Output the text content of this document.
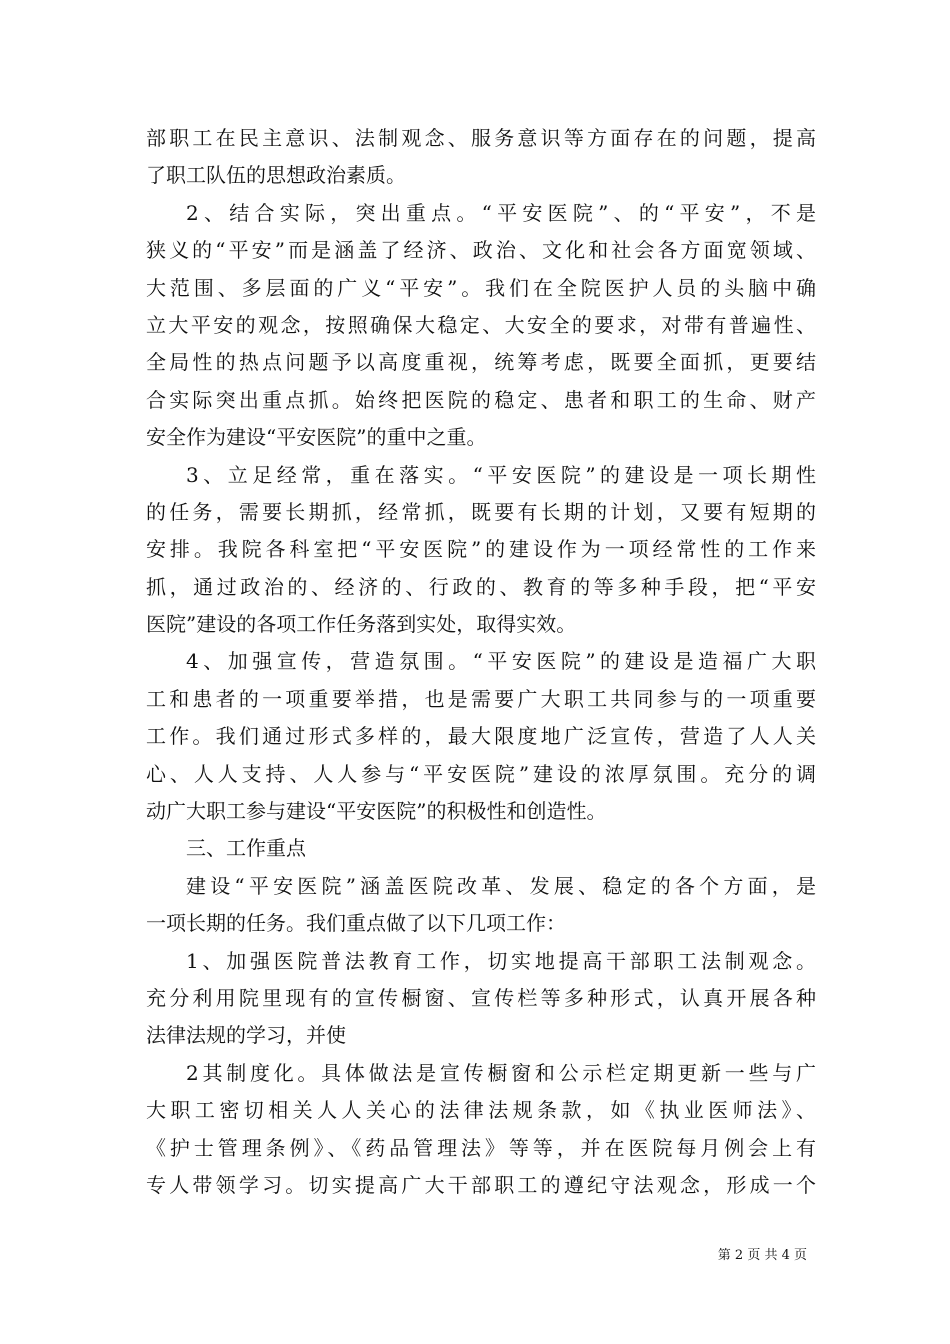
部职工在民主意识、法制观念、服务意识等方面存在的问题，提高
了职工队伍的思想政治素质。
2、结合实际，突出重点。“平安医院”、的“平安”，不是
狭义的“平安”而是涵盖了经济、政治、文化和社会各方面宽领域、
大范围、多层面的广义“平安”。我们在全院医护人员的头脑中确
立大平安的观念，按照确保大稳定、大安全的要求，对带有普遍性、
全局性的热点问题予以高度重视，统筹考虑，既要全面抓，更要结
合实际突出重点抓。始终把医院的稳定、患者和职工的生命、财产
安全作为建设“平安医院”的重中之重。
3、立足经常，重在落实。“平安医院”的建设是一项长期性
的任务，需要长期抓，经常抓，既要有长期的计划，又要有短期的
安排。我院各科室把“平安医院”的建设作为一项经常性的工作来
抓，通过政治的、经济的、行政的、教育的等多种手段，把“平安
医院”建设的各项工作任务落到实处，取得实效。
4、加强宣传，营造氛围。“平安医院”的建设是造福广大职
工和患者的一项重要举措，也是需要广大职工共同参与的一项重要
工作。我们通过形式多样的，最大限度地广泛宣传，营造了人人关
心、人人支持、人人参与“平安医院”建设的浓厚氛围。充分的调
动广大职工参与建设“平安医院”的积极性和创造性。
三、工作重点
建设“平安医院”涵盖医院改革、发展、稳定的各个方面，是
一项长期的任务。我们重点做了以下几项工作：
1、加强医院普法教育工作，切实地提高干部职工法制观念。
充分利用院里现有的宣传橱窗、宣传栏等多种形式，认真开展各种
法律法规的学习，并使
2其制度化。具体做法是宣传橱窗和公示栏定期更新一些与广
大职工密切相关人人关心的法律法规条款，如《执业医师法》、
《护士管理条例》、《药品管理法》等等，并在医院每月例会上有
专人带领学习。切实提高广大干部职工的遵纪守法观念，形成一个
第 2 页 共 4 页
